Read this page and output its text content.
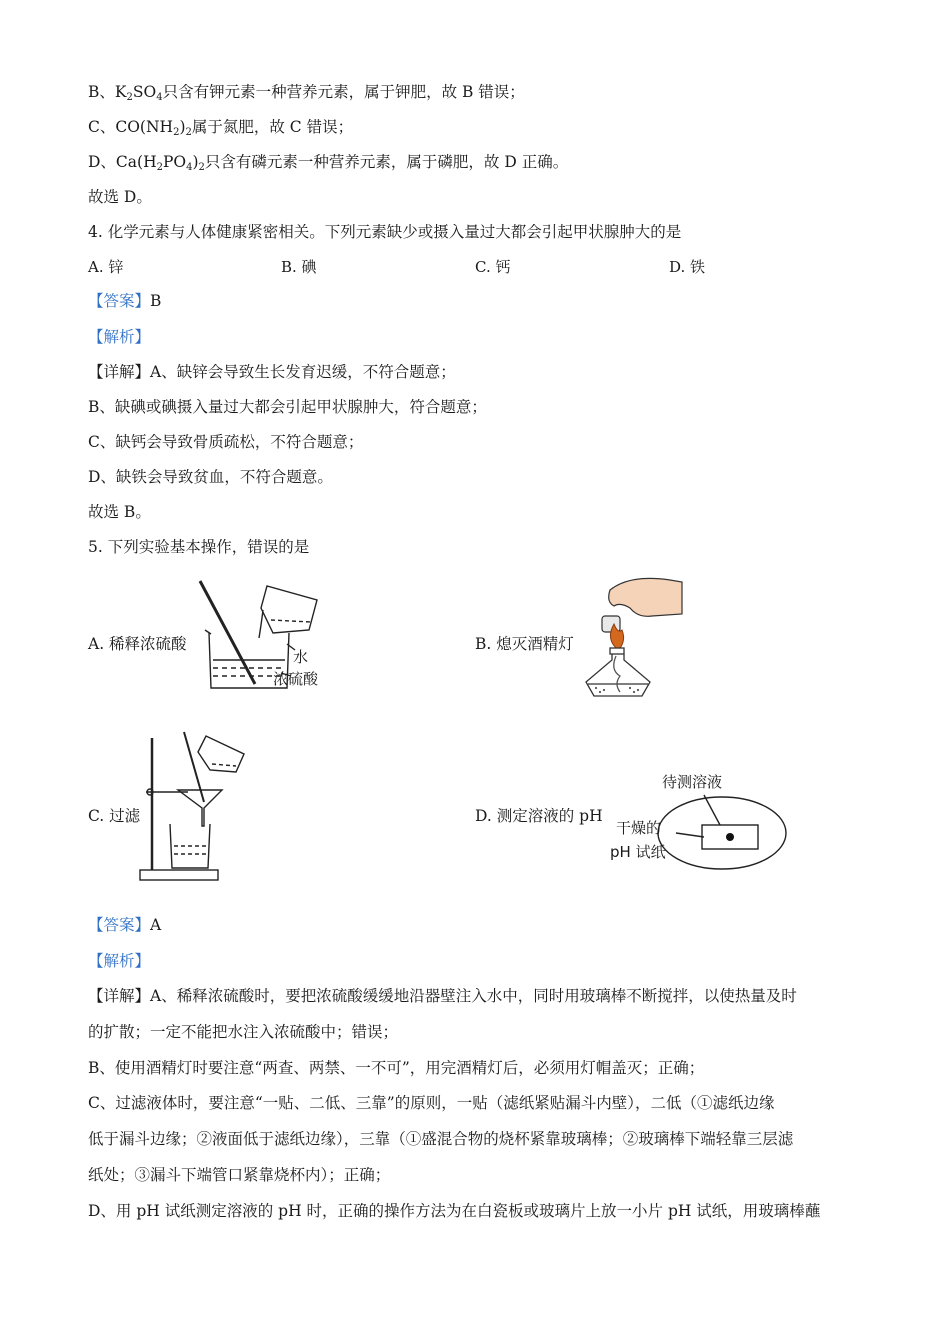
B、$K_2SO_4$只含有钾元素一种营养元素，属于钾肥，故 B 错误；
C、$CO(NH_2)_2$属于氮肥，故 C 错误；
D、$Ca(H_2PO_4)_2$只含有磷元素一种营养元素，属于磷肥，故 D 正确。
故选 D。
4. 化学元素与人体健康紧密相关。下列元素缺少或摄入量过大都会引起甲状腺肿大的是
A. 锌	B. 碘	C. 钙	D. 铁
【答案】B
【解析】
【详解】A、缺锌会导致生长发育迟缓，不符合题意；
B、缺碘或碘摄入量过大都会引起甲状腺肿大，符合题意；
C、缺钙会导致骨质疏松，不符合题意；
D、缺铁会导致贫血，不符合题意。
故选 B。
5. 下列实验基本操作，错误的是
A. 稀释浓硫酸	B. 熄灭酒精灯
C. 过滤	D. 测定溶液的 pH
水
浓硫酸
待测溶液
干燥的
pH 试纸
【答案】A
【解析】
【详解】A、稀释浓硫酸时，要把浓硫酸缓缓地沿器壁注入水中，同时用玻璃棒不断搅拌，以使热量及时
的扩散；一定不能把水注入浓硫酸中；错误；
B、使用酒精灯时要注意“两查、两禁、一不可”，用完酒精灯后，必须用灯帽盖灭；正确；
C、过滤液体时，要注意“一贴、二低、三靠”的原则，一贴（滤纸紧贴漏斗内壁），二低（①滤纸边缘
低于漏斗边缘；②液面低于滤纸边缘），三靠（①盛混合物的烧杯紧靠玻璃棒；②玻璃棒下端轻靠三层滤
纸处；③漏斗下端管口紧靠烧杯内）；正确；
D、用 pH 试纸测定溶液的 pH 时，正确的操作方法为在白瓷板或玻璃片上放一小片 pH 试纸，用玻璃棒蘸
